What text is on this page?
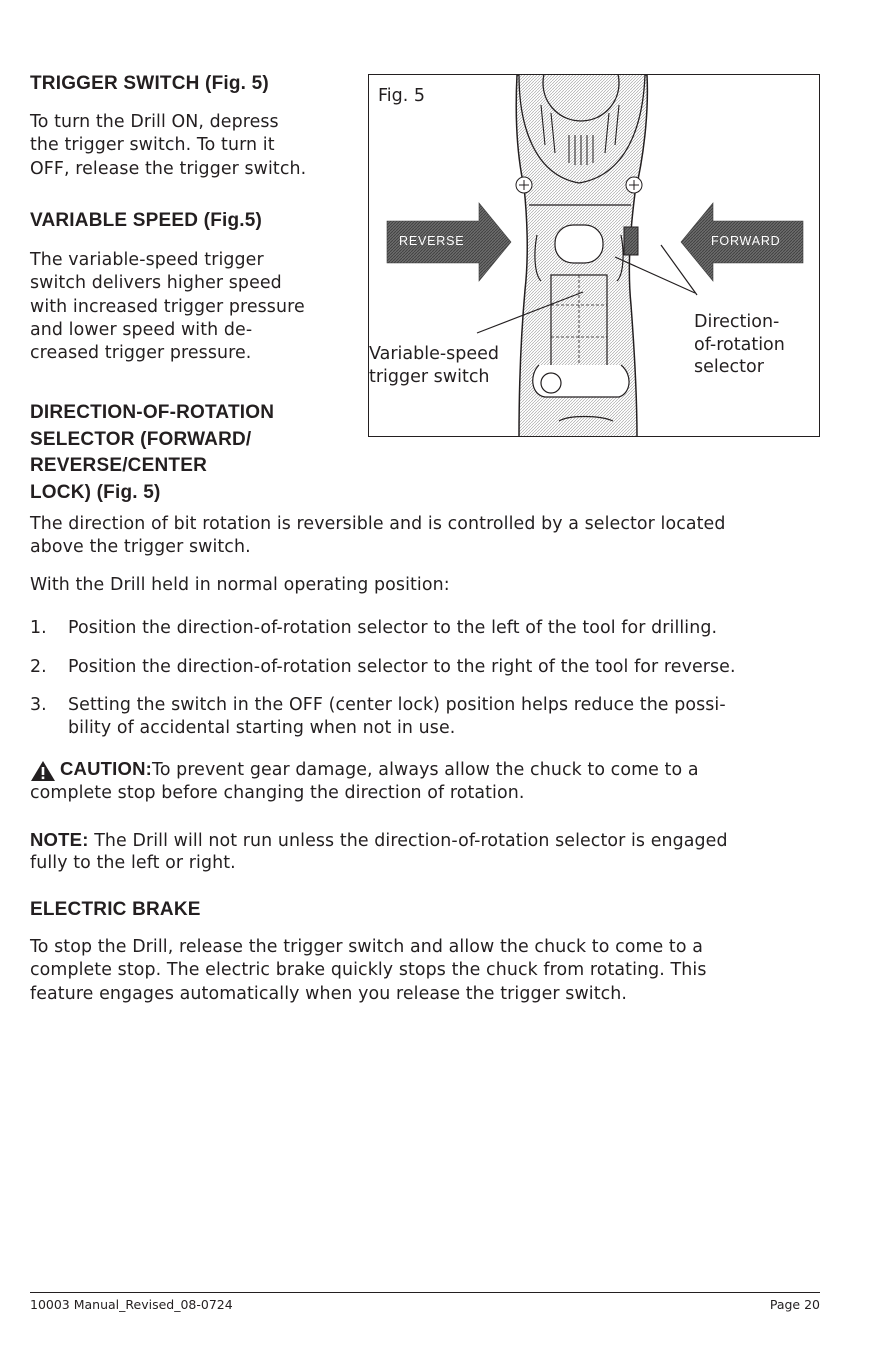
TRIGGER SWITCH (Fig. 5)
To turn the Drill ON, depress
the trigger switch. To turn it
OFF, release the trigger switch.
VARIABLE SPEED (Fig.5)
The variable-speed trigger
switch delivers higher speed
with increased trigger pressure
and lower speed with de-
creased trigger pressure.
DIRECTION-OF-ROTATION
SELECTOR (FORWARD/
REVERSE/CENTER
LOCK) (Fig. 5)
Fig. 5
REVERSE	FORWARD
Variable-speed
trigger switch
Direction-
of-rotation
selector
The direction of bit rotation is reversible and is controlled by a selector located
above the trigger switch.
With the Drill held in normal operating position:
1. Position the direction-of-rotation selector to the left of the tool for drilling.
2. Position the direction-of-rotation selector to the right of the tool for reverse.
3. Setting the switch in the OFF (center lock) position helps reduce the possi-
bility of accidental starting when not in use.
CAUTION:To prevent gear damage, always allow the chuck to come to a
complete stop before changing the direction of rotation.
NOTE: The Drill will not run unless the direction-of-rotation selector is engaged
fully to the left or right.
ELECTRIC BRAKE
To stop the Drill, release the trigger switch and allow the chuck to come to a
complete stop. The electric brake quickly stops the chuck from rotating. This
feature engages automatically when you release the trigger switch.
10003 Manual_Revised_08-0724	Page 20
